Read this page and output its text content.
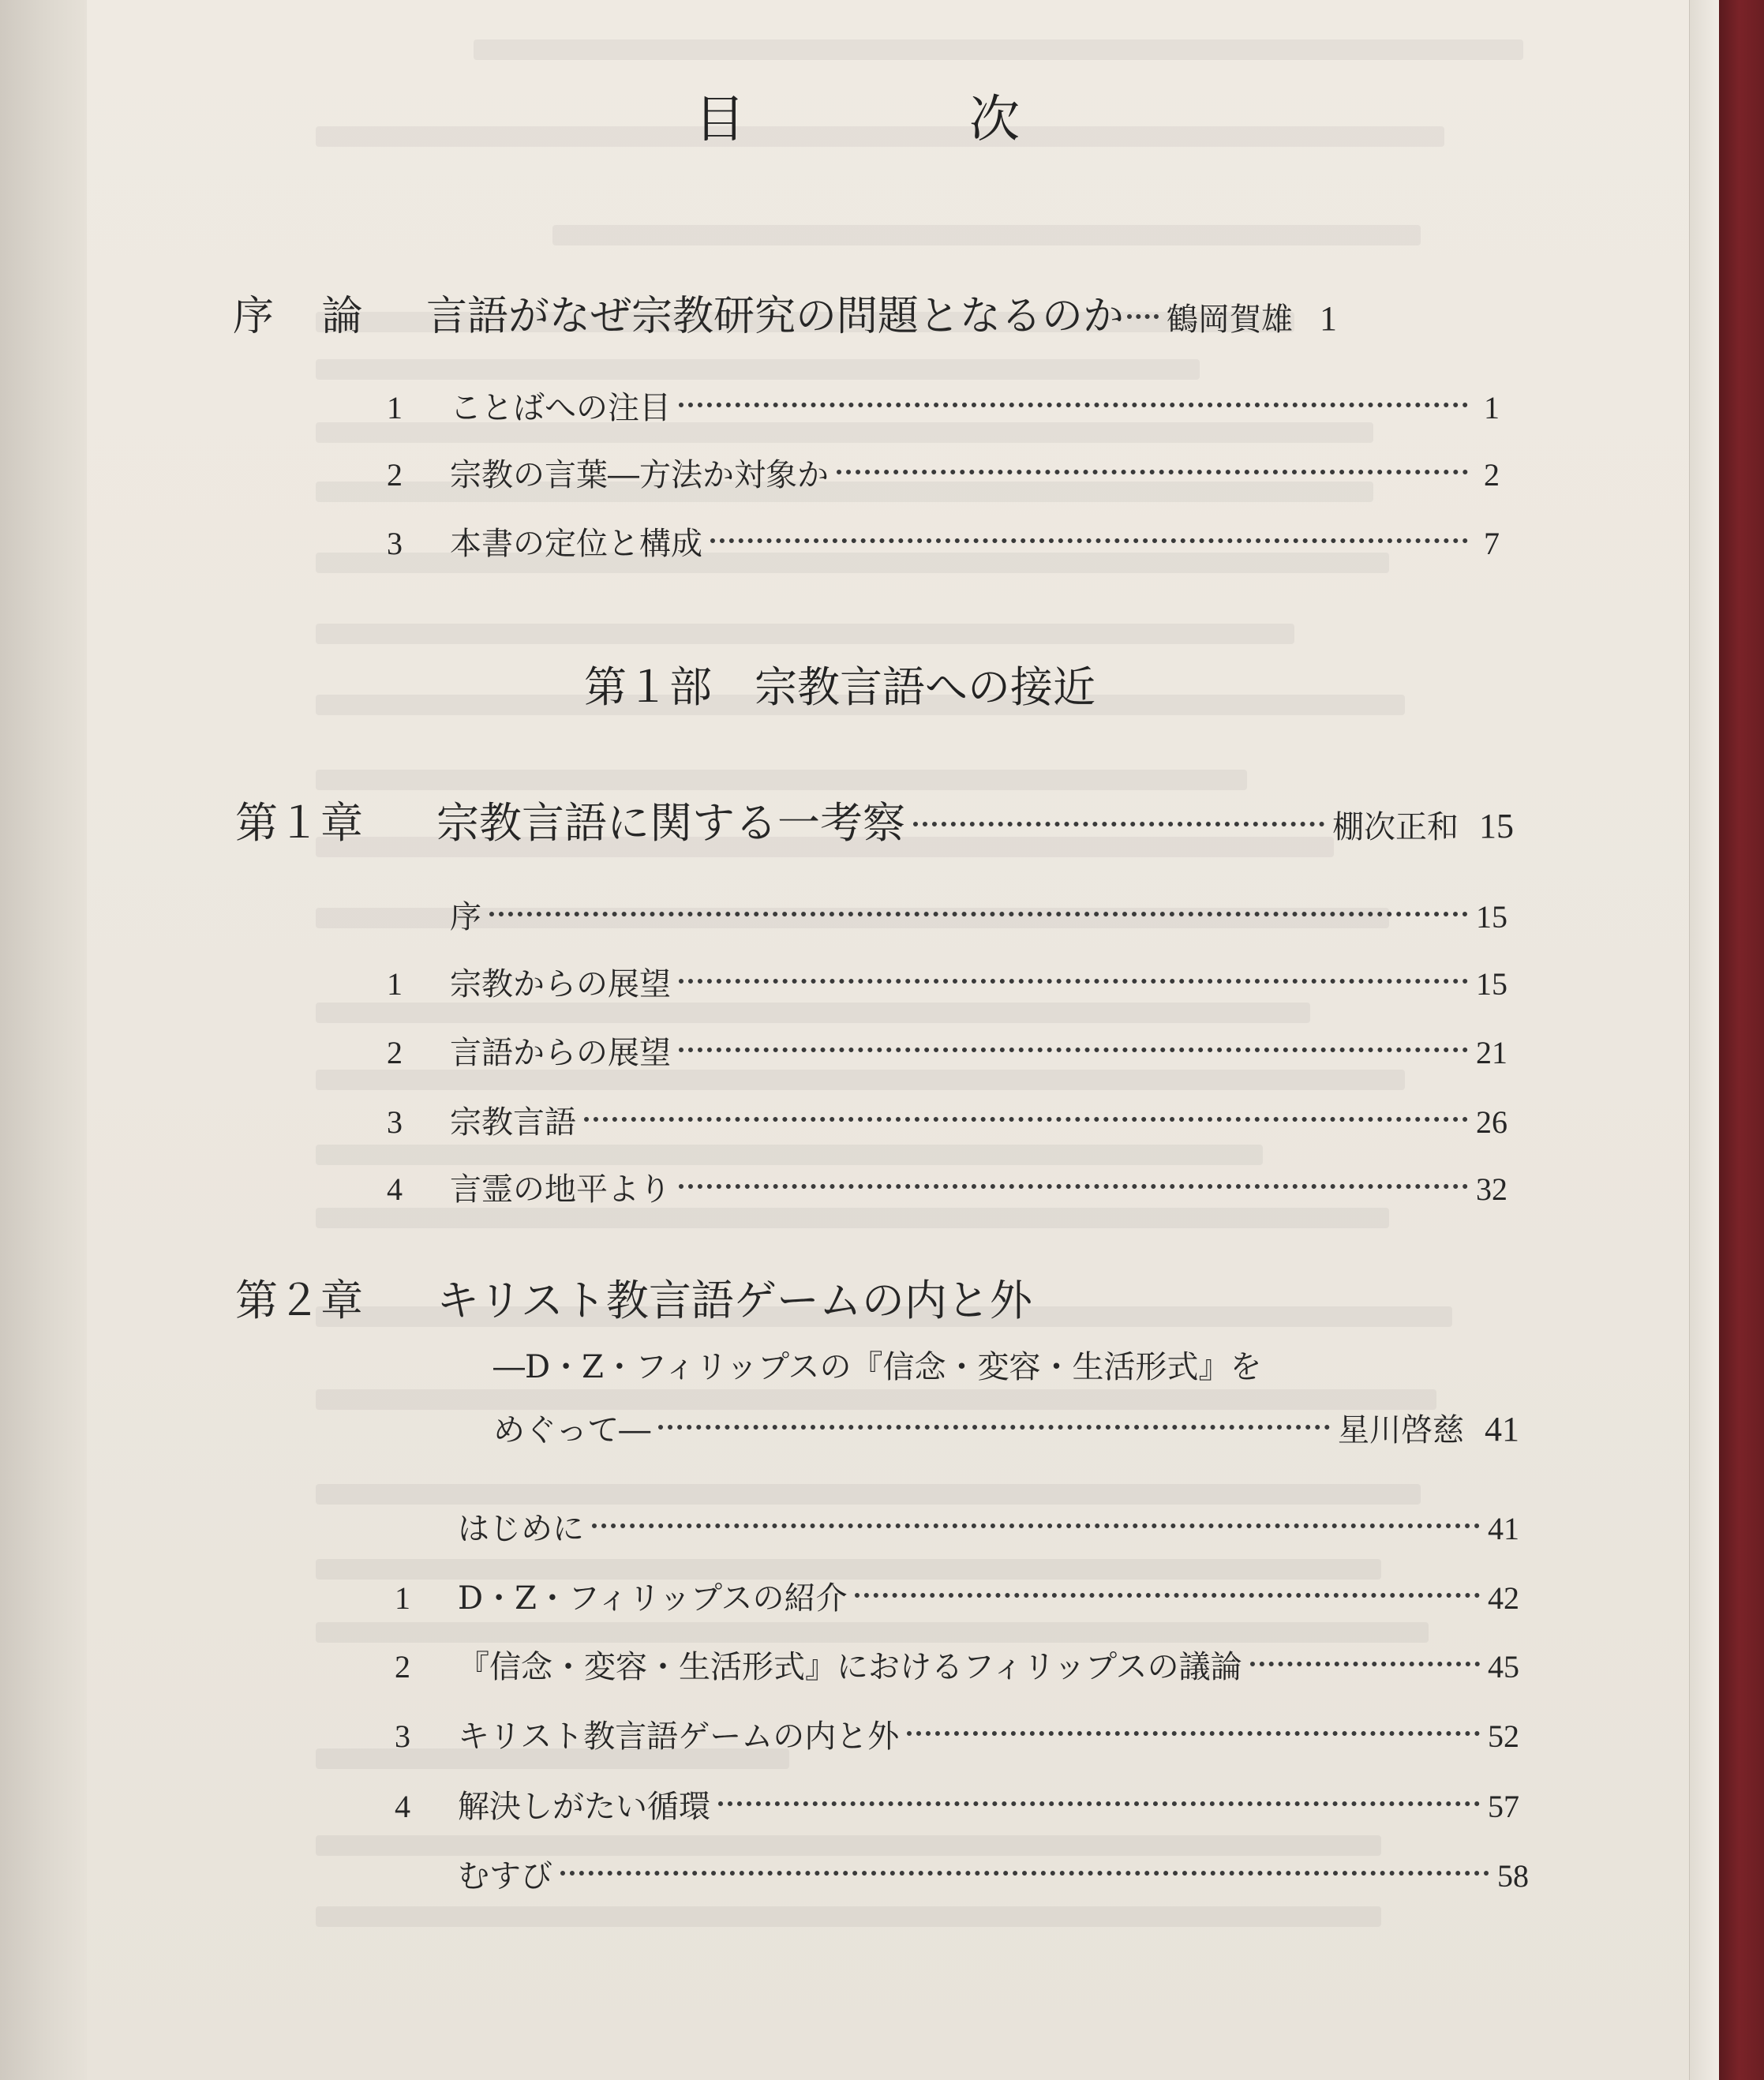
目　次
序 論	言語がなぜ宗教研究の問題となるのか 鶴岡賀雄 1
1	ことばへの注目	1
2	宗教の言葉―方法か対象か	2
3	本書の定位と構成	7
第１部　宗教言語への接近
第１章	宗教言語に関する一考察	棚次正和 15
序	15
1	宗教からの展望	15
2	言語からの展望	21
3	宗教言語	26
4	言霊の地平より	32
第２章	キリスト教言語ゲームの内と外
―D・Z・フィリップスの『信念・変容・生活形式』を
めぐって―	星川啓慈 41
はじめに	41
1	D・Z・フィリップスの紹介	42
2	『信念・変容・生活形式』におけるフィリップスの議論	45
3	キリスト教言語ゲームの内と外	52
4	解決しがたい循環	57
むすび	58
